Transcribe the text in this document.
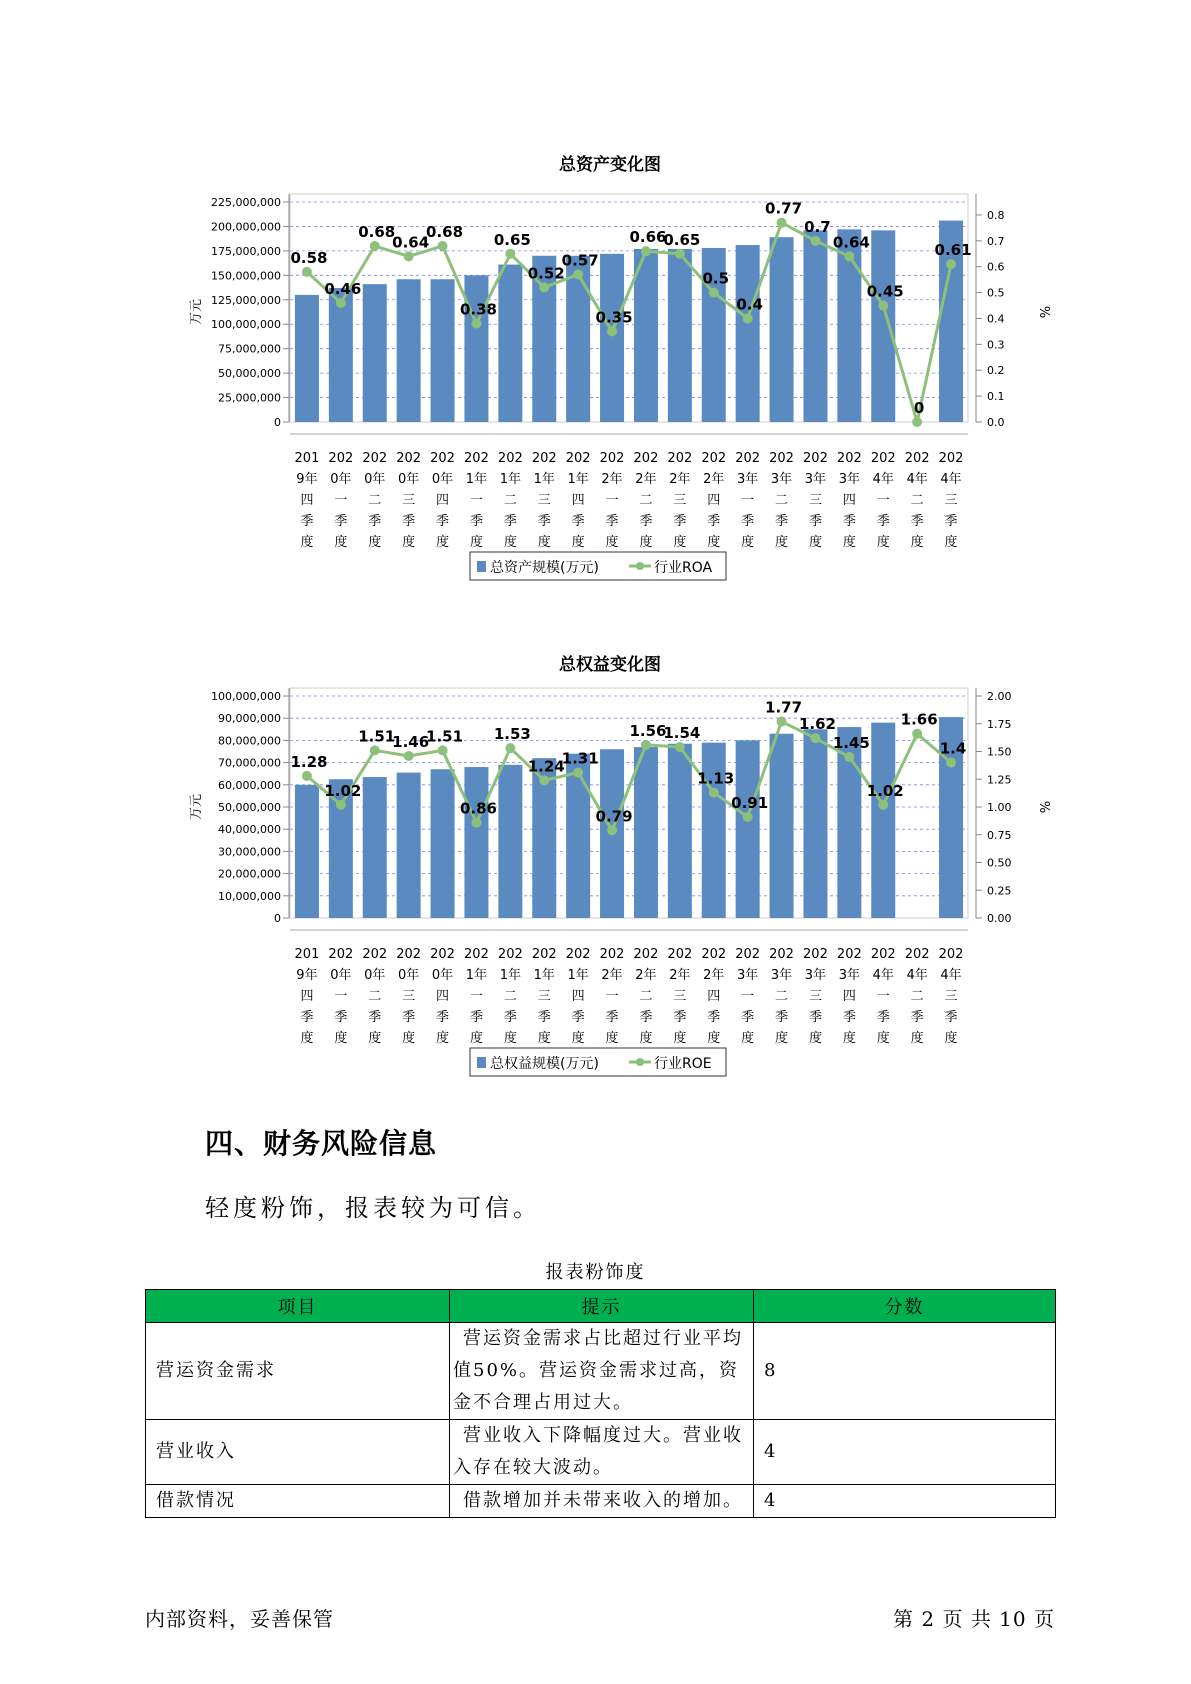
总资产变化图
0
25,000,000
50,000,000
75,000,000
100,000,000
125,000,000
150,000,000
175,000,000
200,000,000
225,000,000
0.0
0.1
0.2
0.3
0.4
0.5
0.6
0.7
0.8
万元	%
201
9年
四
季
度
202
0年
一
季
度
202
0年
二
季
度
202
0年
三
季
度
202
0年
四
季
度
202
1年
一
季
度
202
1年
二
季
度
202
1年
三
季
度
202
1年
四
季
度
202
2年
一
季
度
202
2年
二
季
度
202
2年
三
季
度
202
2年
四
季
度
202
3年
一
季
度
202
3年
二
季
度
202
3年
三
季
度
202
3年
四
季
度
202
4年
一
季
度
202
4年
二
季
度
202
4年
三
季
度
0.58
0.46
0.68
0.64
0.68
0.38
0.65
0.52
0.57
0.35
0.66
0.65
0.5
0.4
0.77
0.7
0.64
0.45
0
0.61
总资产规模(万元)	行业ROA
总权益变化图
0
10,000,000
20,000,000
30,000,000
40,000,000
50,000,000
60,000,000
70,000,000
80,000,000
90,000,000
100,000,000
0.00
0.25
0.50
0.75
1.00
1.25
1.50
1.75
2.00
万元	%
201
9年
四
季
度
202
0年
一
季
度
202
0年
二
季
度
202
0年
三
季
度
202
0年
四
季
度
202
1年
一
季
度
202
1年
二
季
度
202
1年
三
季
度
202
1年
四
季
度
202
2年
一
季
度
202
2年
二
季
度
202
2年
三
季
度
202
2年
四
季
度
202
3年
一
季
度
202
3年
二
季
度
202
3年
三
季
度
202
3年
四
季
度
202
4年
一
季
度
202
4年
二
季
度
202
4年
三
季
度
1.28
1.02
1.51
1.46
1.51
0.86
1.53
1.24
1.31
0.79
1.56
1.54
1.13
0.91
1.77
1.62
1.45
1.02
1.66
1.4
总权益规模(万元)	行业ROE
四、财务风险信息

轻度粉饰，报表较为可信。

报表粉饰度
项目	提示	分数
营运资金需求	营运资金需求占比超过行业平均值50%。营运资金需求过高，资金不合理占用过大。	8
营业收入	营业收入下降幅度过大。营业收入存在较大波动。	4
借款情况	借款增加并未带来收入的增加。	4
内部资料，妥善保管	第 2 页 共 10 页
